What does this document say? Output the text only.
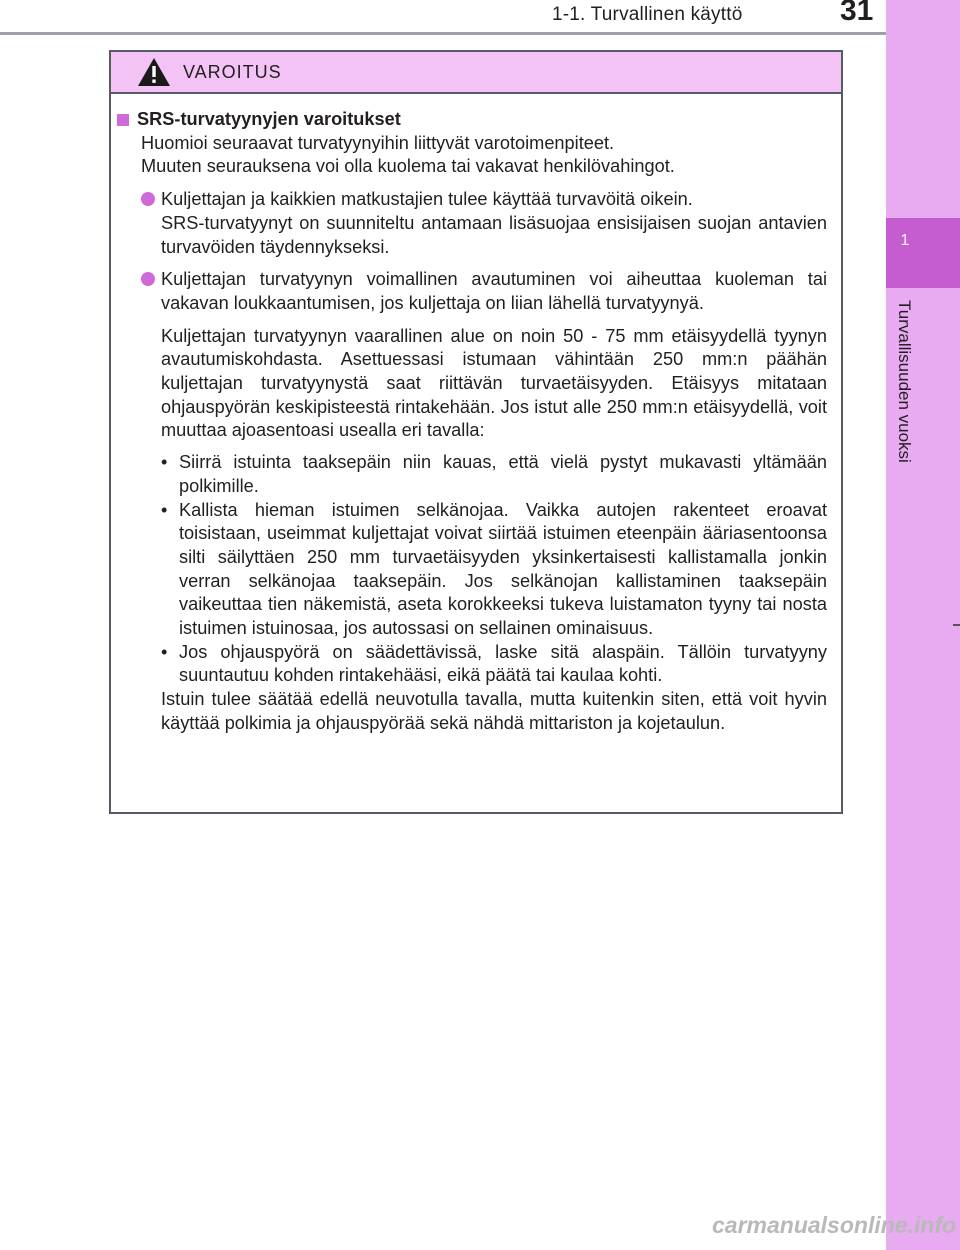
1-1. Turvallinen käyttö	31
1
Turvallisuuden vuoksi
VAROITUS
SRS-turvatyynyjen varoitukset

Huomioi seuraavat turvatyynyihin liittyvät varotoimenpiteet.

Muuten seurauksena voi olla kuolema tai vakavat henkilövahingot.

Kuljettajan ja kaikkien matkustajien tulee käyttää turvavöitä oikein.

SRS-turvatyynyt on suunniteltu antamaan lisäsuojaa ensisijaisen suojan antavien turvavöiden täydennykseksi.

Kuljettajan turvatyynyn voimallinen avautuminen voi aiheuttaa kuoleman tai vakavan loukkaantumisen, jos kuljettaja on liian lähellä turvatyynyä.

Kuljettajan turvatyynyn vaarallinen alue on noin 50 - 75 mm etäisyydellä tyynyn avautumiskohdasta. Asettuessasi istumaan vähintään 250 mm:n päähän kuljettajan turvatyynystä saat riittävän turvaetäisyyden. Etäisyys mitataan ohjauspyörän keskipisteestä rintakehään. Jos istut alle 250 mm:n etäisyydellä, voit muuttaa ajoasentoasi usealla eri tavalla:

• Siirrä istuinta taaksepäin niin kauas, että vielä pystyt mukavasti yltämään polkimille.
• Kallista hieman istuimen selkänojaa. Vaikka autojen rakenteet eroavat toisistaan, useimmat kuljettajat voivat siirtää istuimen eteenpäin ääriasentoonsa silti säilyttäen 250 mm turvaetäisyyden yksinkertaisesti kallistamalla jonkin verran selkänojaa taaksepäin. Jos selkänojan kallistaminen taaksepäin vaikeuttaa tien näkemistä, aseta korokkeeksi tukeva luistamaton tyyny tai nosta istuimen istuinosaa, jos autossasi on sellainen ominaisuus.
• Jos ohjauspyörä on säädettävissä, laske sitä alaspäin. Tällöin turvatyyny suuntautuu kohden rintakehääsi, eikä päätä tai kaulaa kohti.

Istuin tulee säätää edellä neuvotulla tavalla, mutta kuitenkin siten, että voit hyvin käyttää polkimia ja ohjauspyörää sekä nähdä mittariston ja kojetaulun.

carmanualsonline.info
